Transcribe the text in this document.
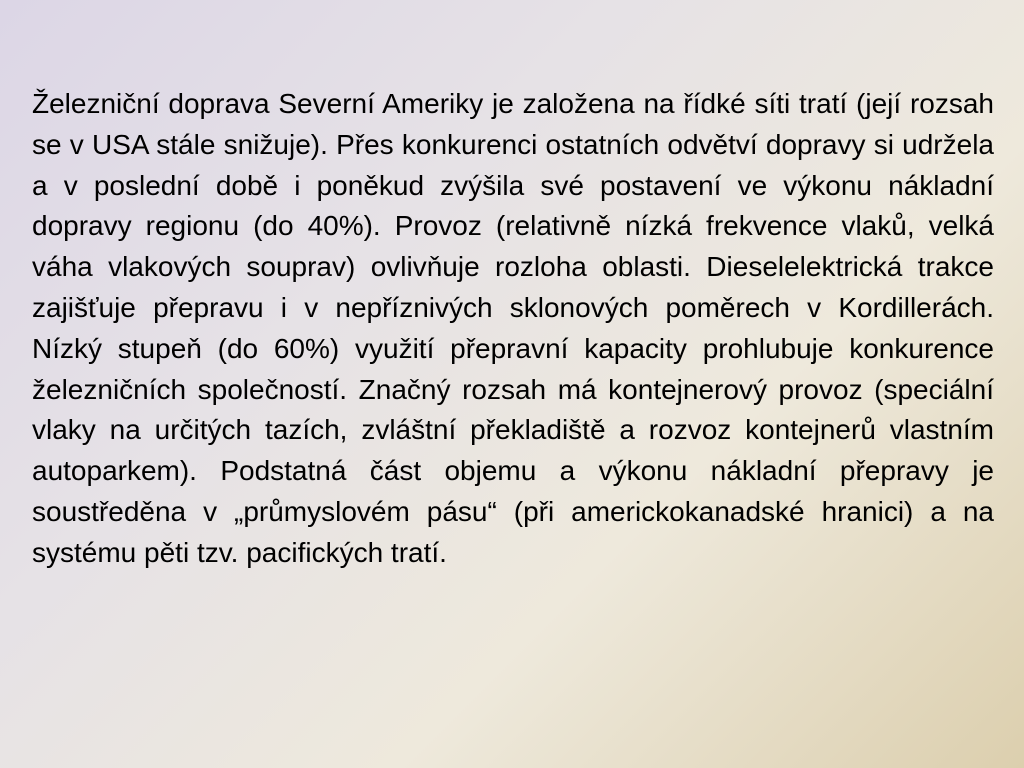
Železniční doprava Severní Ameriky je založena na řídké síti tratí (její rozsah se v USA stále snižuje). Přes konkurenci ostatních odvětví dopravy si udržela a v poslední době i poněkud zvýšila své postavení ve výkonu nákladní dopravy regionu (do 40%). Provoz (relativně nízká frekvence vlaků, velká váha vlakových souprav) ovlivňuje rozloha oblasti. Dieselelektrická trakce zajišťuje přepravu i v nepříznivých sklonových poměrech v Kordillerách. Nízký stupeň (do 60%) využití přepravní kapacity prohlubuje konkurence železničních společností. Značný rozsah má kontejnerový provoz (speciální vlaky na určitých tazích, zvláštní překladiště a rozvoz kontejnerů vlastním autoparkem). Podstatná část objemu a výkonu nákladní přepravy je soustředěna v „průmyslovém pásu“ (při americkokanadské hranici) a na systému pěti tzv. pacifických tratí.
